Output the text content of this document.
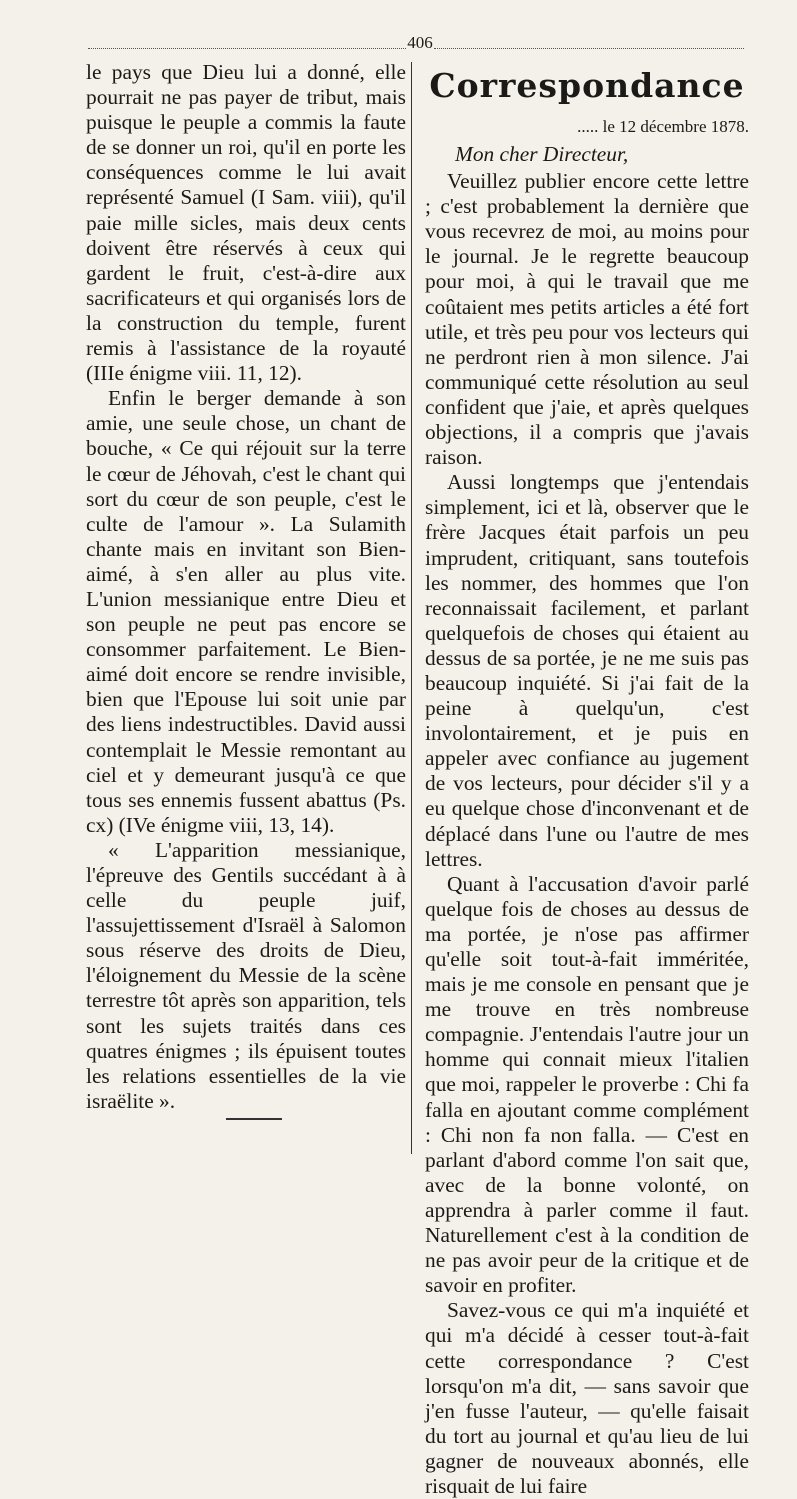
406

le pays que Dieu lui a donné, elle pourrait ne pas payer de tribut, mais puisque le peuple a commis la faute de se donner un roi, qu'il en porte les conséquences comme le lui avait représenté Samuel (I Sam. viii), qu'il paie mille sicles, mais deux cents doivent être réservés à ceux qui gardent le fruit, c'est-à-dire aux sacrificateurs et qui organisés lors de la construction du temple, furent remis à l'assistance de la royauté (IIIe énigme viii. 11, 12).

Enfin le berger demande à son amie, une seule chose, un chant de bouche, « Ce qui réjouit sur la terre le cœur de Jéhovah, c'est le chant qui sort du cœur de son peuple, c'est le culte de l'amour ». La Sulamith chante mais en invitant son Bien-aimé, à s'en aller au plus vite. L'union messianique entre Dieu et son peuple ne peut pas encore se consommer parfaitement. Le Bien-aimé doit encore se rendre invisible, bien que l'Epouse lui soit unie par des liens indestructibles. David aussi contemplait le Messie remontant au ciel et y demeurant jusqu'à ce que tous ses ennemis fussent abattus (Ps. cx) (IVe énigme viii, 13, 14).

« L'apparition messianique, l'épreuve des Gentils succédant à à celle du peuple juif, l'assujettissement d'Israël à Salomon sous réserve des droits de Dieu, l'éloignement du Messie de la scène terrestre tôt après son apparition, tels sont les sujets traités dans ces quatres énigmes ; ils épuisent toutes les relations essentielles de la vie israëlite ».

Correspondance
..... le 12 décembre 1878.
Mon cher Directeur,

Veuillez publier encore cette lettre ; c'est probablement la dernière que vous recevrez de moi, au moins pour le journal. Je le regrette beaucoup pour moi, à qui le travail que me coûtaient mes petits articles a été fort utile, et très peu pour vos lecteurs qui ne perdront rien à mon silence. J'ai communiqué cette résolution au seul confident que j'aie, et après quelques objections, il a compris que j'avais raison.

Aussi longtemps que j'entendais simplement, ici et là, observer que le frère Jacques était parfois un peu imprudent, critiquant, sans toutefois les nommer, des hommes que l'on reconnaissait facilement, et parlant quelquefois de choses qui étaient au dessus de sa portée, je ne me suis pas beaucoup inquiété. Si j'ai fait de la peine à quelqu'un, c'est involontairement, et je puis en appeler avec confiance au jugement de vos lecteurs, pour décider s'il y a eu quelque chose d'inconvenant et de déplacé dans l'une ou l'autre de mes lettres.

Quant à l'accusation d'avoir parlé quelque fois de choses au dessus de ma portée, je n'ose pas affirmer qu'elle soit tout-à-fait imméritée, mais je me console en pensant que je me trouve en très nombreuse compagnie. J'entendais l'autre jour un homme qui connait mieux l'italien que moi, rappeler le proverbe : Chi fa falla en ajoutant comme complément : Chi non fa non falla. — C'est en parlant d'abord comme l'on sait que, avec de la bonne volonté, on apprendra à parler comme il faut. Naturellement c'est à la condition de ne pas avoir peur de la critique et de savoir en profiter.

Savez-vous ce qui m'a inquiété et qui m'a décidé à cesser tout-à-fait cette correspondance ? C'est lorsqu'on m'a dit, — sans savoir que j'en fusse l'auteur, — qu'elle faisait du tort au journal et qu'au lieu de lui gagner de nouveaux abonnés, elle risquait de lui faire
